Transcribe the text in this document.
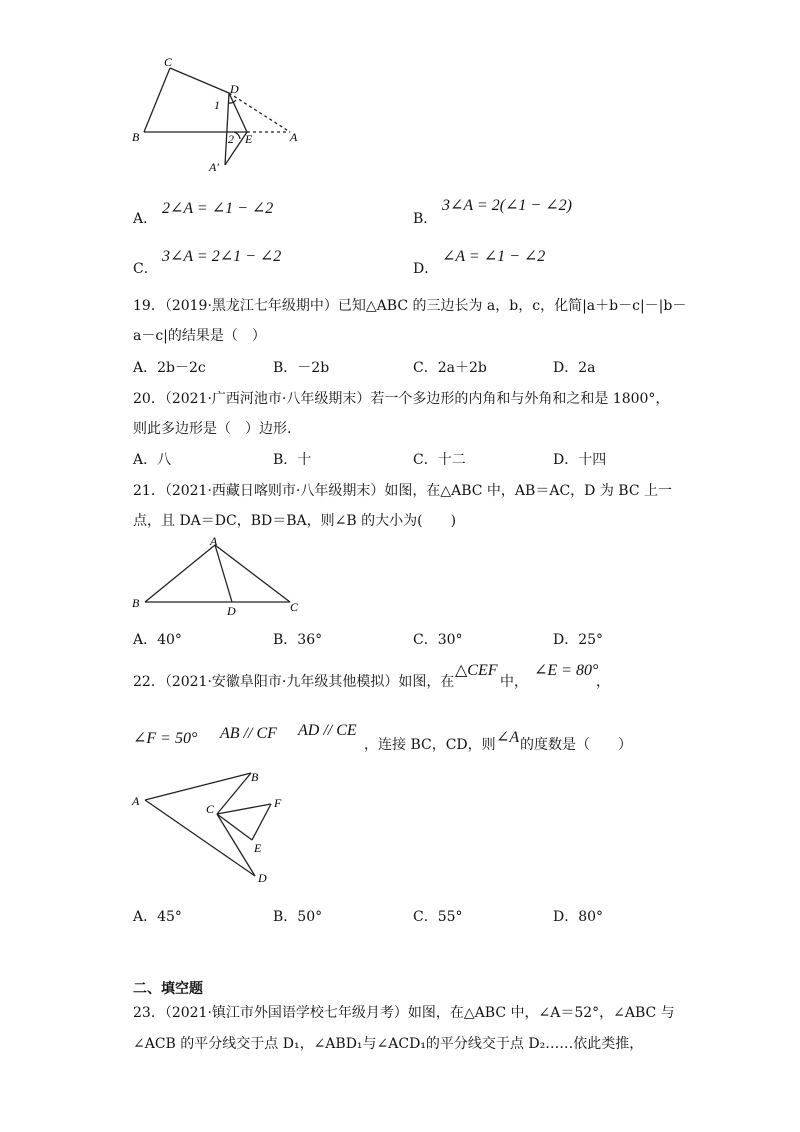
C
D
1
B	2 E	A
A′
A．
2∠A = ∠1 − ∠2
B．
3∠A = 2(∠1 − ∠2)
C．
3∠A = 2∠1 − ∠2
D．
∠A = ∠1 − ∠2
19．（2019·黑龙江七年级期中）已知△ABC 的三边长为 a，b，c，化简|a＋b－c|－|b－
a－c|的结果是（　）
A．2b－2c	B．－2b	C．2a＋2b	D．2a
20．（2021·广西河池市·八年级期末）若一个多边形的内角和与外角和之和是 1800°，
则此多边形是（　）边形.
A．八	B．十	C．十二	D．十四
21．（2021·西藏日喀则市·八年级期末）如图，在△ABC 中，AB＝AC，D 为 BC 上一
点，且 DA＝DC，BD＝BA，则∠B 的大小为(　　)
A
B
D	C
A．40°	B．36°	C．30°	D．25°
22．（2021·安徽阜阳市·九年级其他模拟）如图，在
△CEF
中，
∠E = 80°
，
∠F = 50° AB // CF AD // CE
，连接 BC，CD，则 ∠A 的度数是（　　）
A
B
C	F
E
D
A．45°	B．50°	C．55°	D．80°
二、填空题
23．（2021·镇江市外国语学校七年级月考）如图，在△ABC 中，∠A＝52°，∠ABC 与
∠ACB 的平分线交于点 D₁，∠ABD₁与∠ACD₁的平分线交于点 D₂……依此类推，
